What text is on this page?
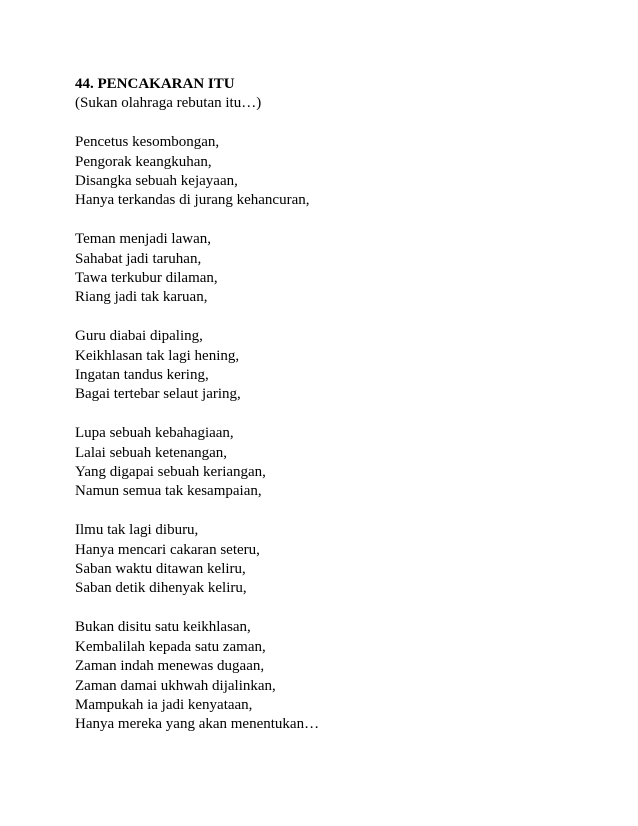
44. PENCAKARAN ITU
(Sukan olahraga rebutan itu…)
Pencetus kesombongan,
Pengorak keangkuhan,
Disangka sebuah kejayaan,
Hanya terkandas di jurang kehancuran,
Teman menjadi lawan,
Sahabat jadi taruhan,
Tawa terkubur dilaman,
Riang jadi tak karuan,
Guru diabai dipaling,
Keikhlasan tak lagi hening,
Ingatan tandus kering,
Bagai tertebar selaut jaring,
Lupa sebuah kebahagiaan,
Lalai sebuah ketenangan,
Yang digapai sebuah keriangan,
Namun semua tak kesampaian,
Ilmu tak lagi diburu,
Hanya mencari cakaran seteru,
Saban waktu ditawan keliru,
Saban detik dihenyak keliru,
Bukan disitu satu keikhlasan,
Kembalilah kepada satu zaman,
Zaman indah menewas dugaan,
Zaman damai ukhwah dijalinkan,
Mampukah ia jadi kenyataan,
Hanya mereka yang akan menentukan…
